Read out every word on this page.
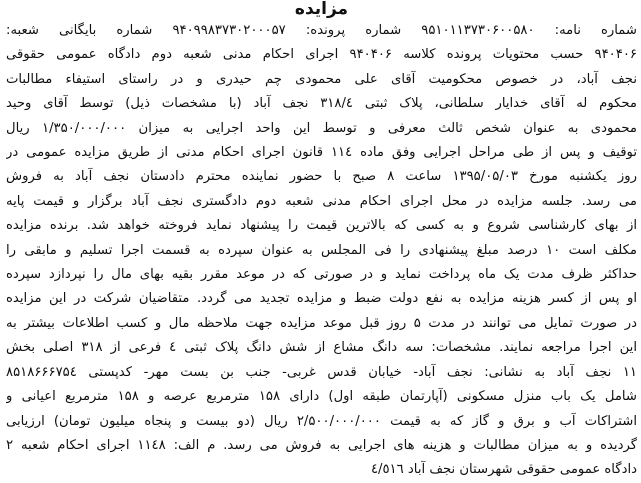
مزایده
شماره نامه: ۹۵۱۰۱۱۳۷۳۰۶۰۰۵۸۰ شماره پرونده: ۹۴۰۹۹۸۳۷۳۰۲۰۰۰۵۷ شماره بایگانی شعبه:
۹۴۰۴۰۶ حسب محتویات پرونده کلاسه ۹۴۰۴۰۶ اجرای احکام مدنی شعبه دوم دادگاه عمومی حقوقی
نجف آباد، در خصوص محکومیت آقای علی محمودی چم حیدری و در راستای استیفاء مطالبات
محکوم له آقای خدایار سلطانی، پلاک ثبتی ۳۱۸/٤ نجف آباد (با مشخصات ذیل) توسط آقای وحید
محمودی به عنوان شخص ثالث معرفی و توسط این واحد اجرایی به میزان ۱/۳۵۰/۰۰۰/۰۰۰ ریال
توقیف و پس از طی مراحل اجرایی وفق ماده ۱۱٤ قانون اجرای احکام مدنی از طریق مزایده عمومی در
روز یکشنبه مورخ ۱۳۹۵/۰۵/۰۳ ساعت ۸ صبح با حضور نماینده محترم دادستان نجف آباد به فروش
می رسد. جلسه مزایده در محل اجرای احکام مدنی شعبه دوم دادگستری نجف آباد برگزار و قیمت پایه
از بهای کارشناسی شروع و به کسی که بالاترین قیمت را پیشنهاد نماید فروخته خواهد شد. برنده مزایده
مکلف است ۱۰ درصد مبلغ پیشنهادی را فی المجلس به عنوان سپرده به قسمت اجرا تسلیم و مابقی را
حداکثر ظرف مدت یک ماه پرداخت نماید و در صورتی که در موعد مقرر بقیه بهای مال را نپردازد سپرده
او پس از کسر هزینه مزایده به نفع دولت ضبط و مزایده تجدید می گردد. متقاضیان شرکت در این مزایده
در صورت تمایل می توانند در مدت ۵ روز قبل موعد مزایده جهت ملاحظه مال و کسب اطلاعات بیشتر به
این اجرا مراجعه نمایند. مشخصات: سه دانگ مشاع از شش دانگ پلاک ثبتی ٤ فرعی از ۳۱۸ اصلی بخش
۱۱ نجف آباد به نشانی: نجف آباد- خیابان قدس غربی- جنب بن بست مهر- کدپستی ۸۵۱۸۶۶۶۷۵٤
شامل یک باب منزل مسکونی (آپارتمان طبقه اول) دارای ۱۵۸ مترمربع عرصه و ۱۵۸ مترمربع اعیانی و
اشتراکات آب و برق و گاز که به قیمت ۲/۵۰۰/۰۰۰/۰۰۰ ریال (دو بیست و پنجاه میلیون تومان) ارزیابی
گردیده و به میزان مطالبات و هزینه های اجرایی به فروش می رسد. م الف: ۱۱٤۸ اجرای احکام شعبه ۲
دادگاه عمومی حقوقی شهرستان نجف آباد ٤/٥١٦
